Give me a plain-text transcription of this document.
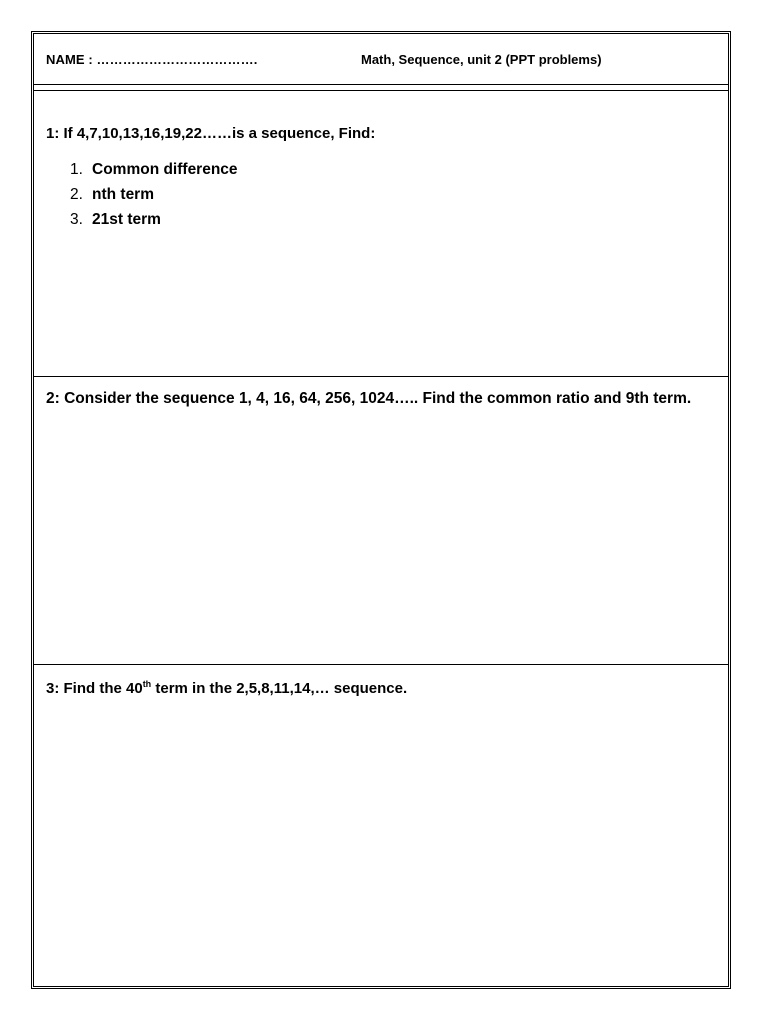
NAME : ……………………………….	Math, Sequence, unit 2 (PPT problems)
1: If 4,7,10,13,16,19,22……is a sequence, Find:
1. Common difference
2. nth term
3. 21st term
2: Consider the sequence 1, 4, 16, 64, 256, 1024….. Find the common ratio and 9th term.
3: Find the 40th term in the 2,5,8,11,14,… sequence.
